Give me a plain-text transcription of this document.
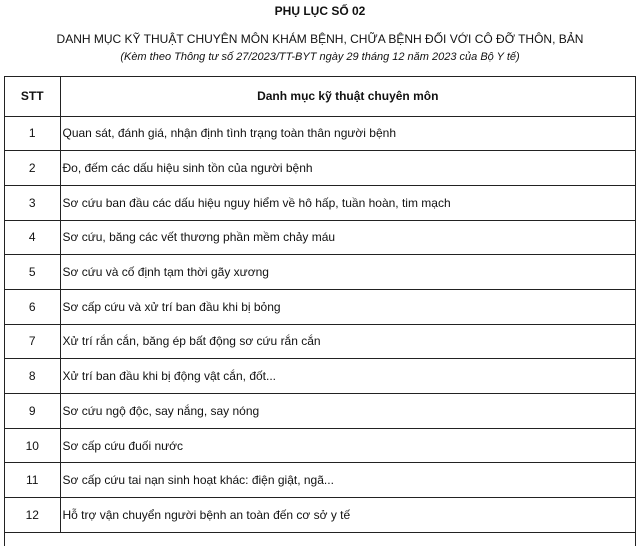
PHỤ LỤC SỐ 02
DANH MỤC KỸ THUẬT CHUYÊN MÔN KHÁM BỆNH, CHỮA BỆNH ĐỐI VỚI CÔ ĐỠ THÔN, BẢN
(Kèm theo Thông tư số 27/2023/TT-BYT ngày 29 tháng 12 năm 2023 của Bộ Y tế)
STT	Danh mục kỹ thuật chuyên môn
1	Quan sát, đánh giá, nhận định tình trạng toàn thân người bệnh
2	Đo, đếm các dấu hiệu sinh tồn của người bệnh
3	Sơ cứu ban đầu các dấu hiệu nguy hiểm về hô hấp, tuần hoàn, tim mạch
4	Sơ cứu, băng các vết thương phần mềm chảy máu
5	Sơ cứu và cố định tạm thời gãy xương
6	Sơ cấp cứu và xử trí ban đầu khi bị bỏng
7	Xử trí rắn cắn, băng ép bất động sơ cứu rắn cắn
8	Xử trí ban đầu khi bị động vật cắn, đốt...
9	Sơ cứu ngộ độc, say nắng, say nóng
10	Sơ cấp cứu đuối nước
11	Sơ cấp cứu tai nạn sinh hoạt khác: điện giật, ngã...
12	Hỗ trợ vận chuyển người bệnh an toàn đến cơ sở y tế
